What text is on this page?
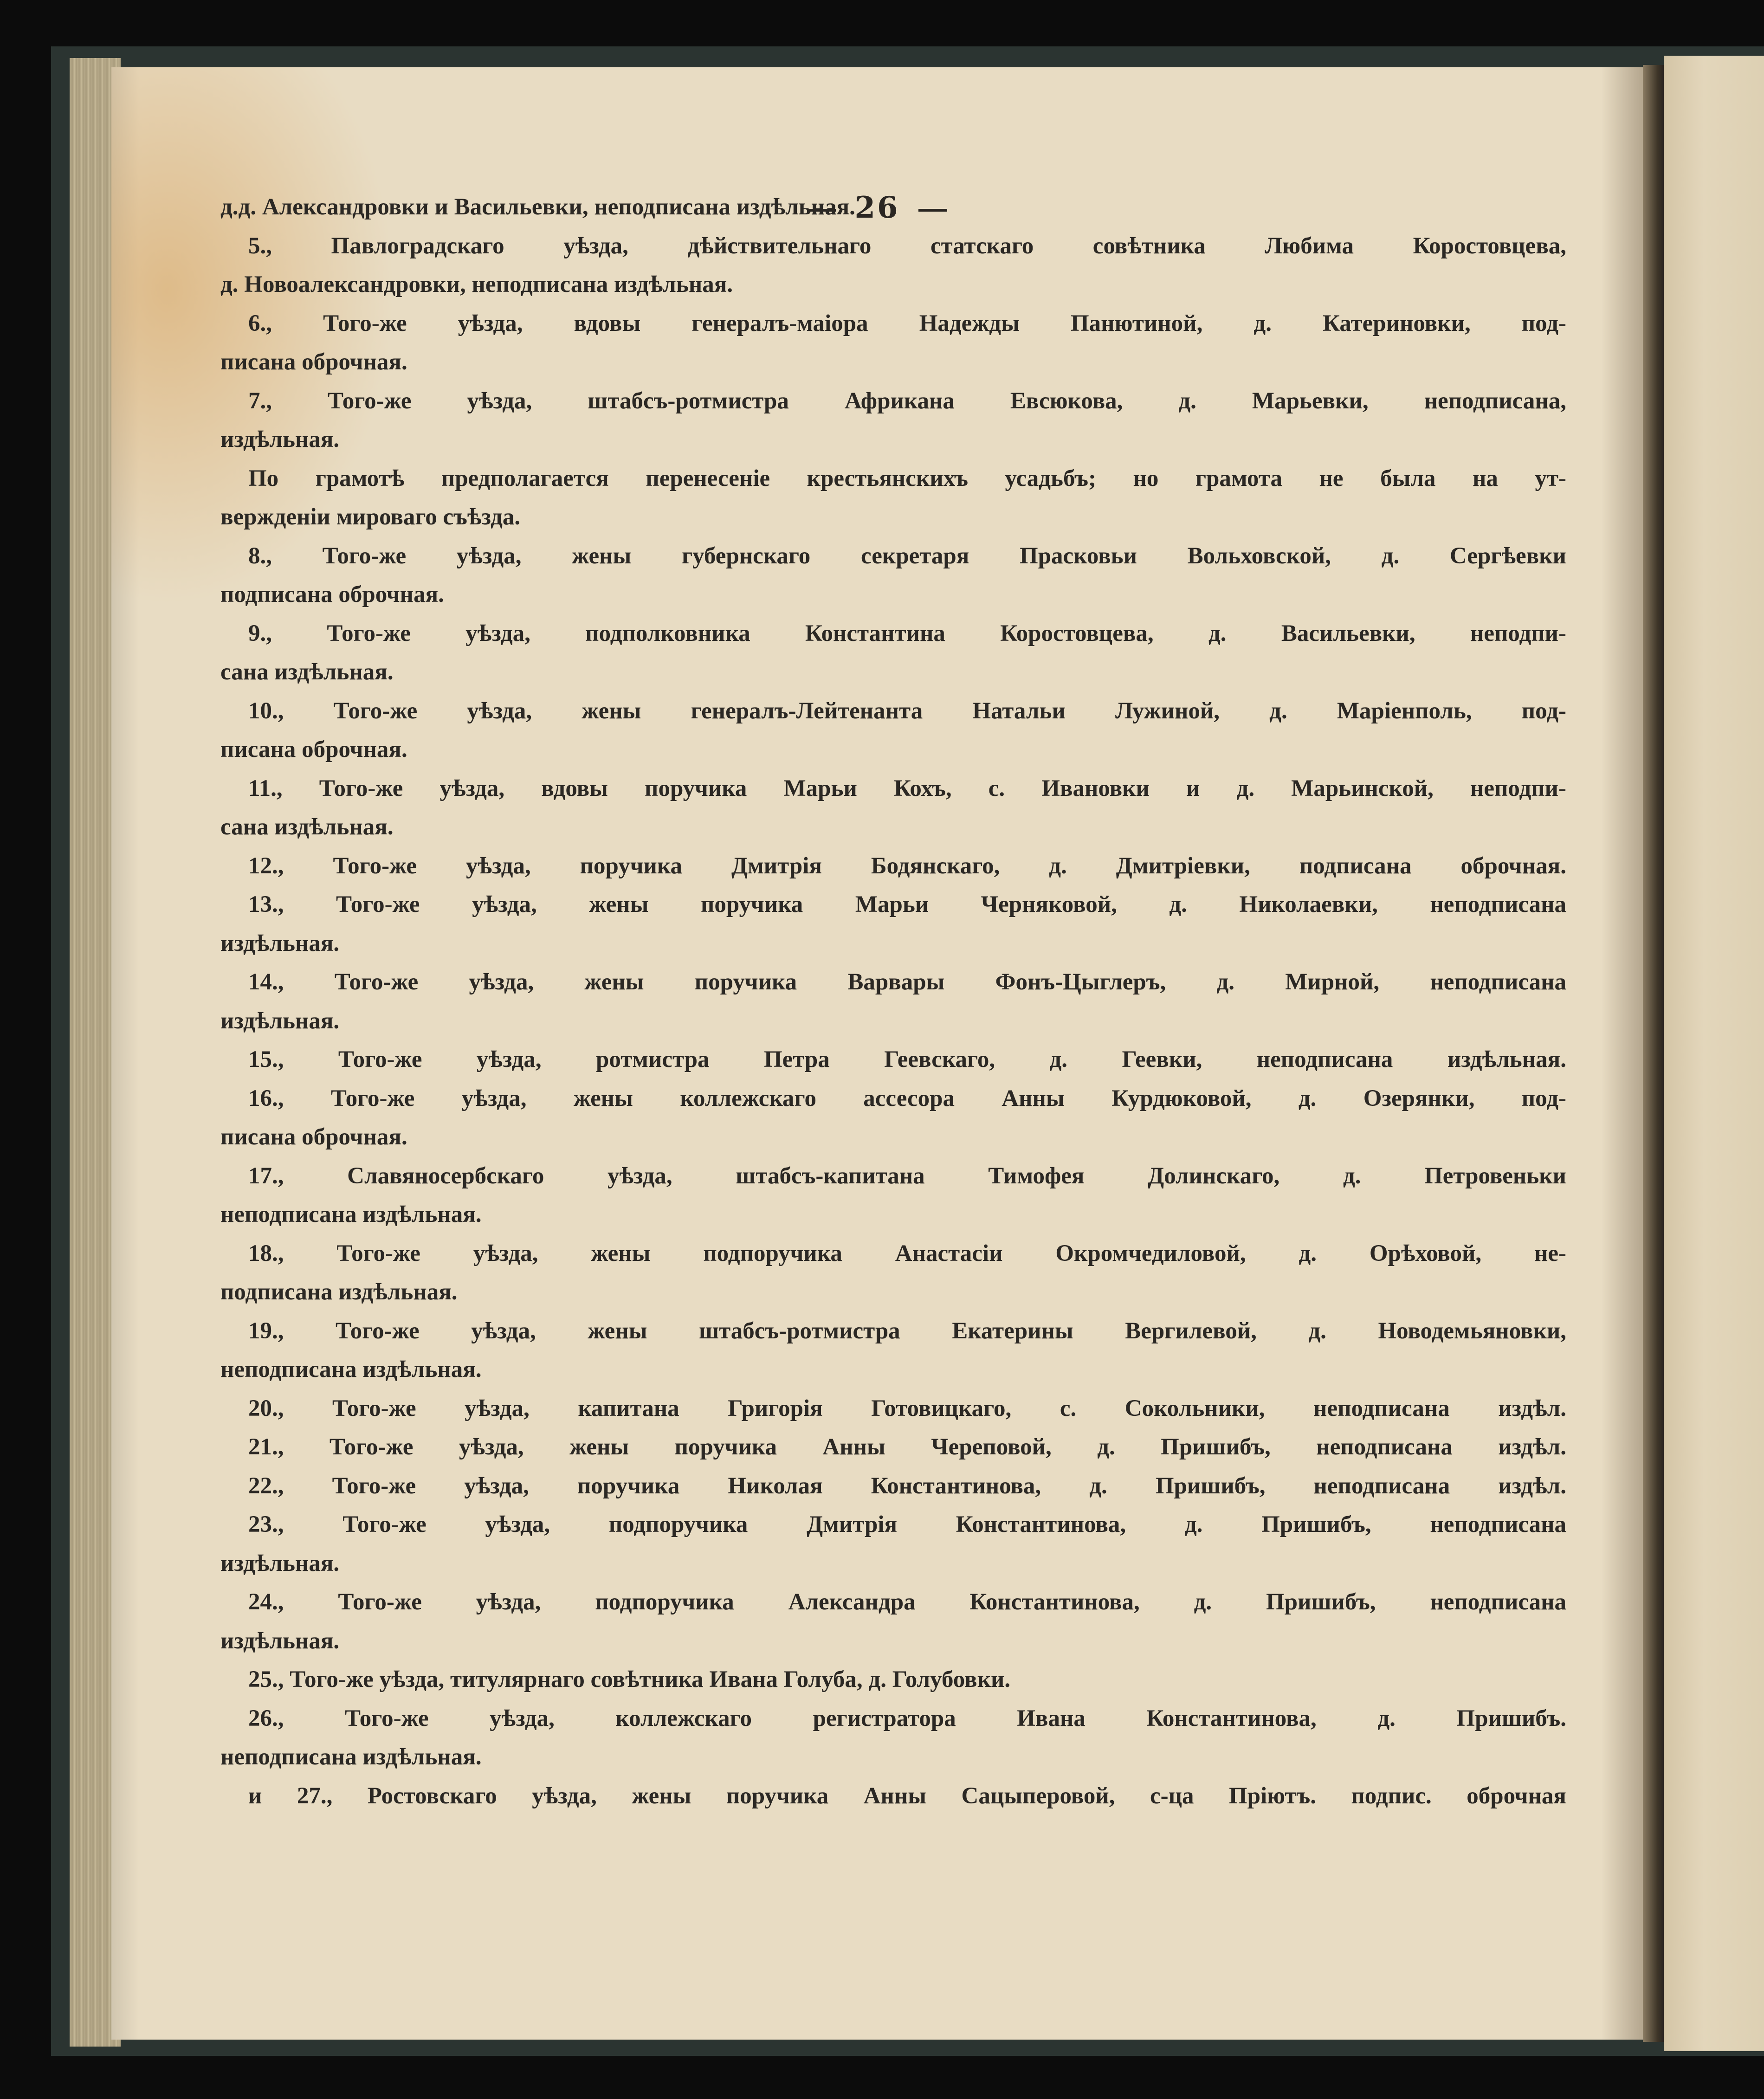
26
д.д. Александровки и Васильевки, неподписана издѣльная.
5., Павлоградскаго уѣзда, дѣйствительнаго статскаго совѣтника Любима Коростовцева,
д. Новоалександровки, неподписана издѣльная.
6., Того-же уѣзда, вдовы генералъ-маіора Надежды Панютиной, д. Катериновки, под-
писана оброчная.
7., Того-же уѣзда, штабсъ-ротмистра Африкана Евсюкова, д. Марьевки, неподписана,
издѣльная.
По грамотѣ предполагается перенесеніе крестьянскихъ усадьбъ; но грамота не была на ут-
вержденіи мироваго съѣзда.
8., Того-же уѣзда, жены губернскаго секретаря Прасковьи Вольховской, д. Сергѣевки
подписана оброчная.
9., Того-же уѣзда, подполковника Константина Коростовцева, д. Васильевки, неподпи-
сана издѣльная.
10., Того-же уѣзда, жены генералъ-Лейтенанта Натальи Лужиной, д. Маріенполь, под-
писана оброчная.
11., Того-же уѣзда, вдовы поручика Марьи Кохъ, с. Ивановки и д. Марьинской, неподпи-
сана издѣльная.
12., Того-же уѣзда, поручика Дмитрія Бодянскаго, д. Дмитріевки, подписана оброчная.
13., Того-же уѣзда, жены поручика Марьи Черняковой, д. Николаевки, неподписана
издѣльная.
14., Того-же уѣзда, жены поручика Варвары Фонъ-Цыглеръ, д. Мирной, неподписана
издѣльная.
15., Того-же уѣзда, ротмистра Петра Геевскаго, д. Геевки, неподписана издѣльная.
16., Того-же уѣзда, жены коллежскаго ассесора Анны Курдюковой, д. Озерянки, под-
писана оброчная.
17., Славяносербскаго уѣзда, штабсъ-капитана Тимофея Долинскаго, д. Петровеньки
неподписана издѣльная.
18., Того-же уѣзда, жены подпоручика Анастасіи Окромчедиловой, д. Орѣховой, не-
подписана издѣльная.
19., Того-же уѣзда, жены штабсъ-ротмистра Екатерины Вергилевой, д. Новодемьяновки,
неподписана издѣльная.
20., Того-же уѣзда, капитана Григорія Готовицкаго, с. Сокольники, неподписана издѣл.
21., Того-же уѣзда, жены поручика Анны Череповой, д. Пришибъ, неподписана издѣл.
22., Того-же уѣзда, поручика Николая Константинова, д. Пришибъ, неподписана издѣл.
23., Того-же уѣзда, подпоручика Дмитрія Константинова, д. Пришибъ, неподписана
издѣльная.
24., Того-же уѣзда, подпоручика Александра Константинова, д. Пришибъ, неподписана
издѣльная.
25., Того-же уѣзда, титулярнаго совѣтника Ивана Голуба, д. Голубовки.
26., Того-же уѣзда, коллежскаго регистратора Ивана Константинова, д. Пришибъ.
неподписана издѣльная.
и 27., Ростовскаго уѣзда, жены поручика Анны Сацыперовой, с-ца Пріютъ. подпис. оброчная
